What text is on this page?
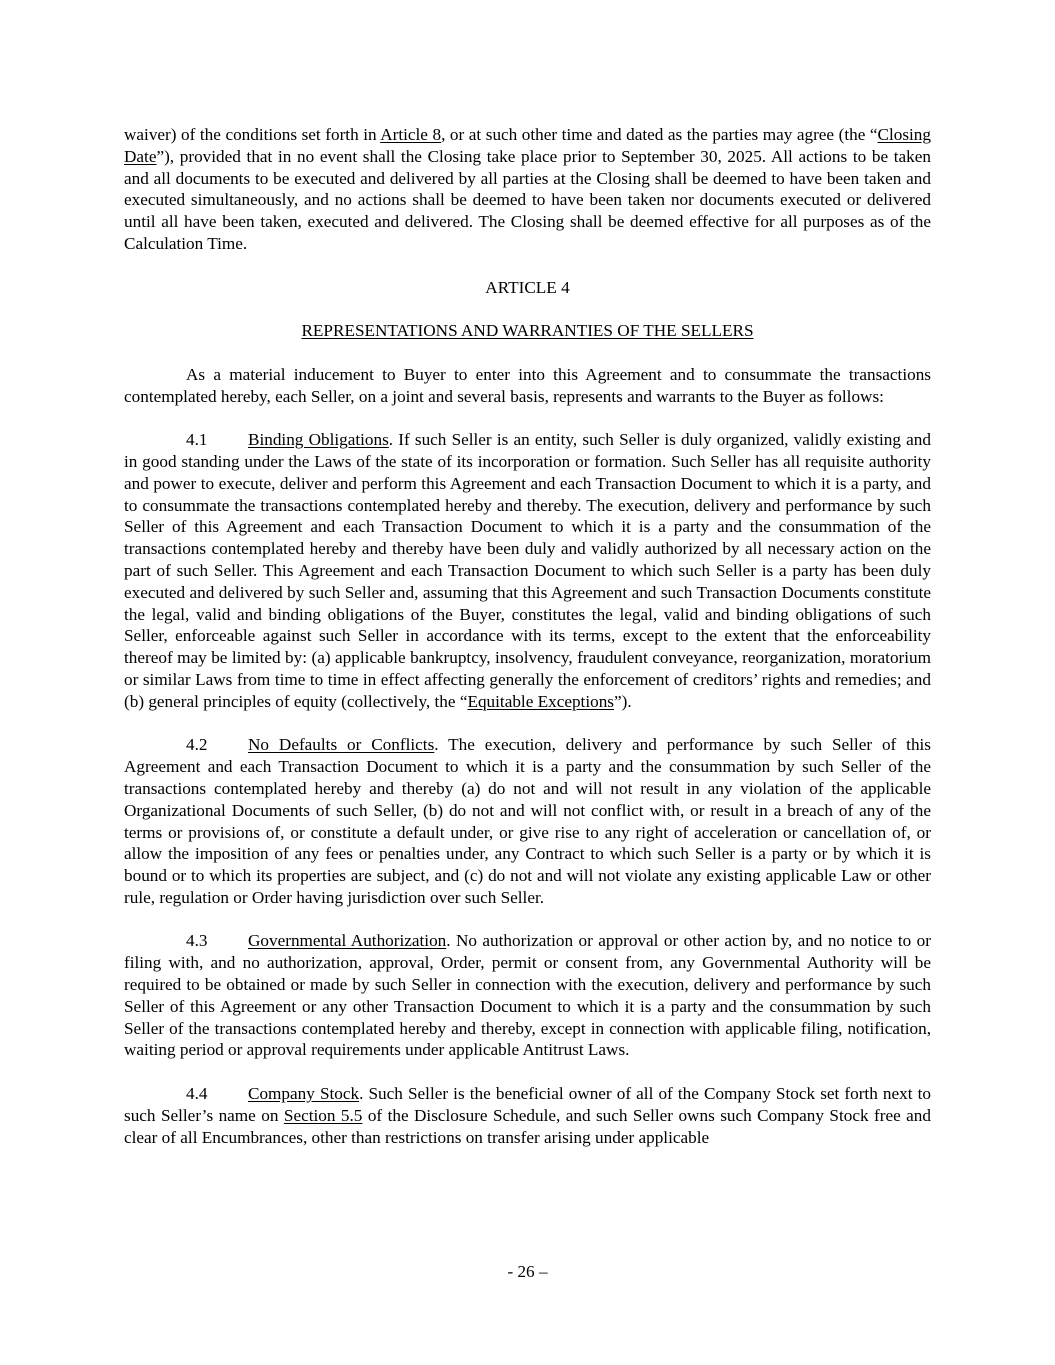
waiver) of the conditions set forth in Article 8, or at such other time and dated as the parties may agree (the “Closing Date”), provided that in no event shall the Closing take place prior to September 30, 2025. All actions to be taken and all documents to be executed and delivered by all parties at the Closing shall be deemed to have been taken and executed simultaneously, and no actions shall be deemed to have been taken nor documents executed or delivered until all have been taken, executed and delivered. The Closing shall be deemed effective for all purposes as of the Calculation Time.

ARTICLE 4

REPRESENTATIONS AND WARRANTIES OF THE SELLERS

As a material inducement to Buyer to enter into this Agreement and to consummate the transactions contemplated hereby, each Seller, on a joint and several basis, represents and warrants to the Buyer as follows:

4.1 Binding Obligations. If such Seller is an entity, such Seller is duly organized, validly existing and in good standing under the Laws of the state of its incorporation or formation. Such Seller has all requisite authority and power to execute, deliver and perform this Agreement and each Transaction Document to which it is a party, and to consummate the transactions contemplated hereby and thereby. The execution, delivery and performance by such Seller of this Agreement and each Transaction Document to which it is a party and the consummation of the transactions contemplated hereby and thereby have been duly and validly authorized by all necessary action on the part of such Seller. This Agreement and each Transaction Document to which such Seller is a party has been duly executed and delivered by such Seller and, assuming that this Agreement and such Transaction Documents constitute the legal, valid and binding obligations of the Buyer, constitutes the legal, valid and binding obligations of such Seller, enforceable against such Seller in accordance with its terms, except to the extent that the enforceability thereof may be limited by: (a) applicable bankruptcy, insolvency, fraudulent conveyance, reorganization, moratorium or similar Laws from time to time in effect affecting generally the enforcement of creditors’ rights and remedies; and (b) general principles of equity (collectively, the “Equitable Exceptions”).

4.2 No Defaults or Conflicts. The execution, delivery and performance by such Seller of this Agreement and each Transaction Document to which it is a party and the consummation by such Seller of the transactions contemplated hereby and thereby (a) do not and will not result in any violation of the applicable Organizational Documents of such Seller, (b) do not and will not conflict with, or result in a breach of any of the terms or provisions of, or constitute a default under, or give rise to any right of acceleration or cancellation of, or allow the imposition of any fees or penalties under, any Contract to which such Seller is a party or by which it is bound or to which its properties are subject, and (c) do not and will not violate any existing applicable Law or other rule, regulation or Order having jurisdiction over such Seller.

4.3 Governmental Authorization. No authorization or approval or other action by, and no notice to or filing with, and no authorization, approval, Order, permit or consent from, any Governmental Authority will be required to be obtained or made by such Seller in connection with the execution, delivery and performance by such Seller of this Agreement or any other Transaction Document to which it is a party and the consummation by such Seller of the transactions contemplated hereby and thereby, except in connection with applicable filing, notification, waiting period or approval requirements under applicable Antitrust Laws.

4.4 Company Stock. Such Seller is the beneficial owner of all of the Company Stock set forth next to such Seller’s name on Section 5.5 of the Disclosure Schedule, and such Seller owns such Company Stock free and clear of all Encumbrances, other than restrictions on transfer arising under applicable

- 26 –
